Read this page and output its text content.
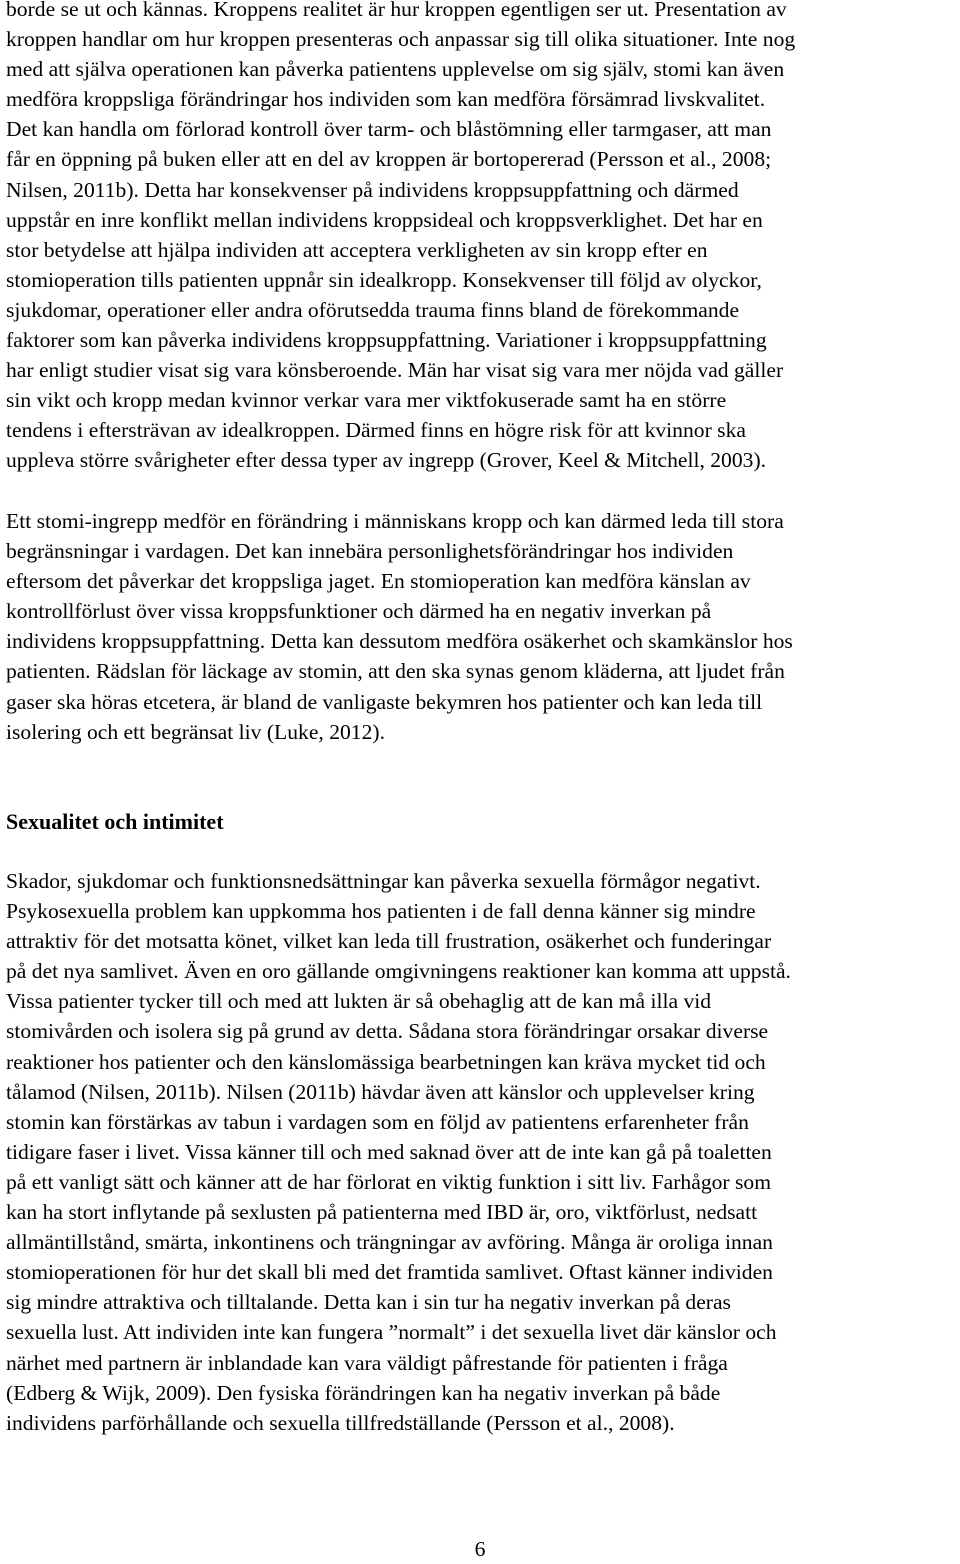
borde se ut och kännas. Kroppens realitet är hur kroppen egentligen ser ut. Presentation av
kroppen handlar om hur kroppen presenteras och anpassar sig till olika situationer. Inte nog
med att själva operationen kan påverka patientens upplevelse om sig själv, stomi kan även
medföra kroppsliga förändringar hos individen som kan medföra försämrad livskvalitet.
Det kan handla om förlorad kontroll över tarm- och blåstömning eller tarmgaser, att man
får en öppning på buken eller att en del av kroppen är bortopererad (Persson et al., 2008;
Nilsen, 2011b). Detta har konsekvenser på individens kroppsuppfattning och därmed
uppstår en inre konflikt mellan individens kroppsideal och kroppsverklighet. Det har en
stor betydelse att hjälpa individen att acceptera verkligheten av sin kropp efter en
stomioperation tills patienten uppnår sin idealkropp. Konsekvenser till följd av olyckor,
sjukdomar, operationer eller andra oförutsedda trauma finns bland de förekommande
faktorer som kan påverka individens kroppsuppfattning. Variationer i kroppsuppfattning
har enligt studier visat sig vara könsberoende. Män har visat sig vara mer nöjda vad gäller
sin vikt och kropp medan kvinnor verkar vara mer viktfokuserade samt ha en större
tendens i eftersträvan av idealkroppen. Därmed finns en högre risk för att kvinnor ska
uppleva större svårigheter efter dessa typer av ingrepp (Grover, Keel & Mitchell, 2003).
Ett stomi-ingrepp medför en förändring i människans kropp och kan därmed leda till stora
begränsningar i vardagen. Det kan innebära personlighetsförändringar hos individen
eftersom det påverkar det kroppsliga jaget. En stomioperation kan medföra känslan av
kontrollförlust över vissa kroppsfunktioner och därmed ha en negativ inverkan på
individens kroppsuppfattning. Detta kan dessutom medföra osäkerhet och skamkänslor hos
patienten. Rädslan för läckage av stomin, att den ska synas genom kläderna, att ljudet från
gaser ska höras etcetera, är bland de vanligaste bekymren hos patienter och kan leda till
isolering och ett begränsat liv (Luke, 2012).
Sexualitet och intimitet
Skador, sjukdomar och funktionsnedsättningar kan påverka sexuella förmågor negativt.
Psykosexuella problem kan uppkomma hos patienten i de fall denna känner sig mindre
attraktiv för det motsatta könet, vilket kan leda till frustration, osäkerhet och funderingar
på det nya samlivet. Även en oro gällande omgivningens reaktioner kan komma att uppstå.
Vissa patienter tycker till och med att lukten är så obehaglig att de kan må illa vid
stomivården och isolera sig på grund av detta. Sådana stora förändringar orsakar diverse
reaktioner hos patienter och den känslomässiga bearbetningen kan kräva mycket tid och
tålamod (Nilsen, 2011b). Nilsen (2011b) hävdar även att känslor och upplevelser kring
stomin kan förstärkas av tabun i vardagen som en följd av patientens erfarenheter från
tidigare faser i livet. Vissa känner till och med saknad över att de inte kan gå på toaletten
på ett vanligt sätt och känner att de har förlorat en viktig funktion i sitt liv. Farhågor som
kan ha stort inflytande på sexlusten på patienterna med IBD är, oro, viktförlust, nedsatt
allmäntillstånd, smärta, inkontinens och trängningar av avföring. Många är oroliga innan
stomioperationen för hur det skall bli med det framtida samlivet. Oftast känner individen
sig mindre attraktiva och tilltalande. Detta kan i sin tur ha negativ inverkan på deras
sexuella lust. Att individen inte kan fungera ”normalt” i det sexuella livet där känslor och
närhet med partnern är inblandade kan vara väldigt påfrestande för patienten i fråga
(Edberg & Wijk, 2009). Den fysiska förändringen kan ha negativ inverkan på både
individens parförhållande och sexuella tillfredställande (Persson et al., 2008).
6
